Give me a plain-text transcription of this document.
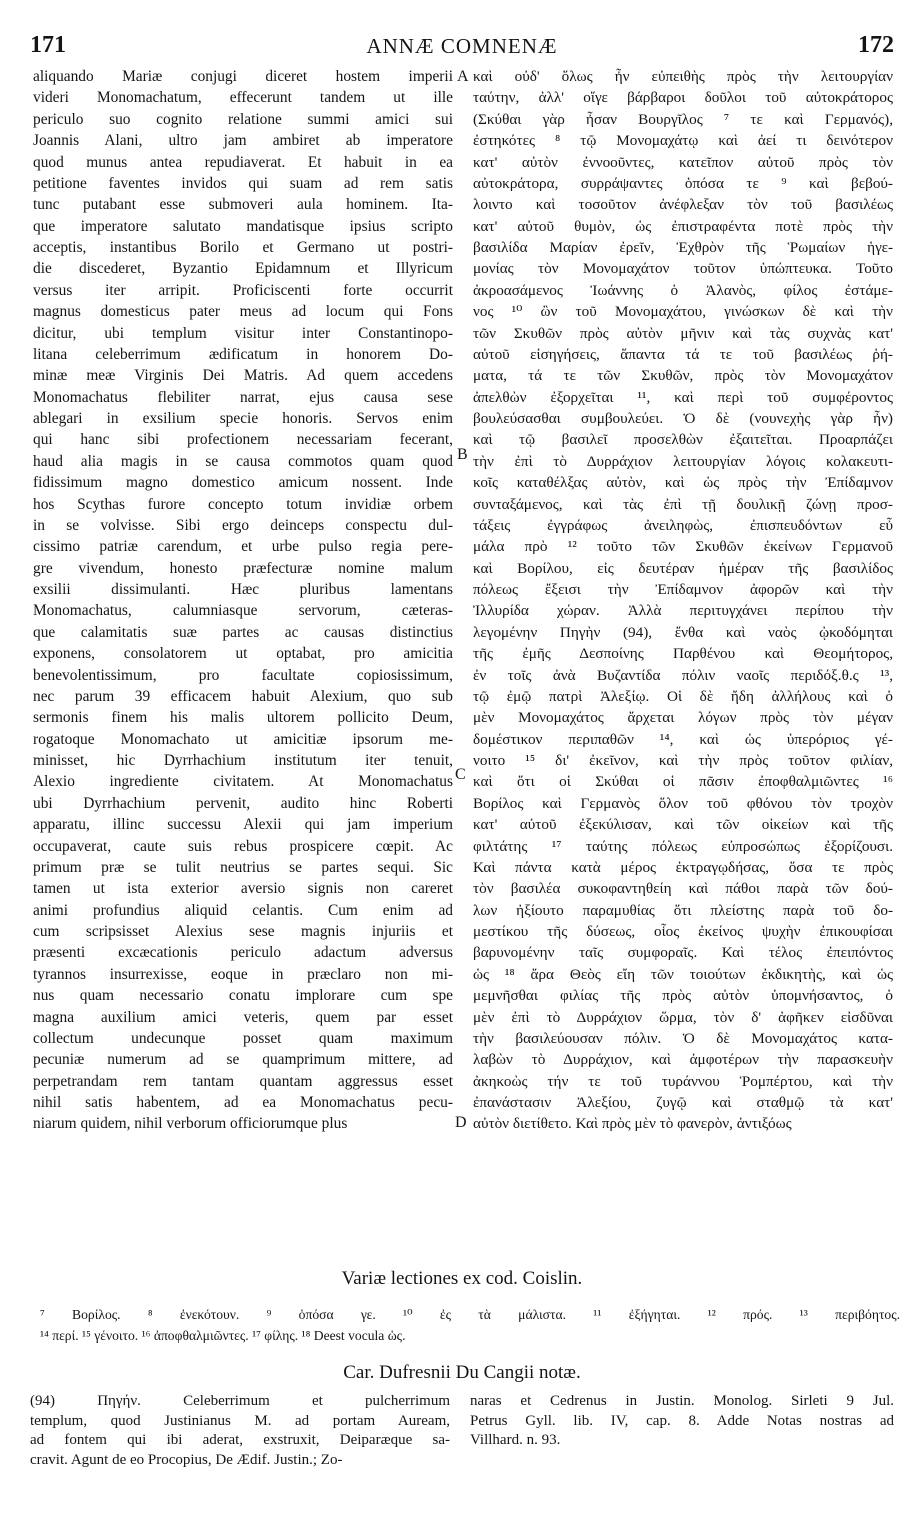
171	ANNÆ COMNENÆ	172
aliquando Mariæ conjugi diceret hostem imperii
videri Monomachatum, effecerunt tandem ut ille
periculo suo cognito relatione summi amici sui
Joannis Alani, ultro jam ambiret ab imperatore
quod munus antea repudiaverat. Et habuit in ea
petitione faventes invidos qui suam ad rem satis
tunc putabant esse submoveri aula hominem. Ita-
que imperatore salutato mandatisque ipsius scripto
acceptis, instantibus Borilo et Germano ut postri-
die discederet, Byzantio Epidamnum et Illyricum
versus iter arripit. Proficiscenti forte occurrit
magnus domesticus pater meus ad locum qui Fons
dicitur, ubi templum visitur inter Constantinopo-
litana celeberrimum ædificatum in honorem Do-
minæ meæ Virginis Dei Matris. Ad quem accedens
Monomachatus flebiliter narrat, ejus causa sese
ablegari in exsilium specie honoris. Servos enim
qui hanc sibi profectionem necessariam fecerant,
haud alia magis in se causa commotos quam quod
fidissimum magno domestico amicum nossent. Inde
hos Scythas furore concepto totum invidiæ orbem
in se volvisse. Sibi ergo deinceps conspectu dul-
cissimo patriæ carendum, et urbe pulso regia pere-
gre vivendum, honesto præfecturæ nomine malum
exsilii dissimulanti. Hæc pluribus lamentans
Monomachatus, calumniasque servorum, cæteras-
que calamitatis suæ partes ac causas distinctius
exponens, consolatorem ut optabat, pro amicitia
benevolentissimum, pro facultate copiosissimum,
nec parum 39 efficacem habuit Alexium, quo sub
sermonis finem his malis ultorem pollicito Deum,
rogatoque Monomachato ut amicitiæ ipsorum me-
minisset, hic Dyrrhachium institutum iter tenuit,
Alexio ingrediente civitatem. At Monomachatus
ubi Dyrrhachium pervenit, audito hinc Roberti
apparatu, illinc successu Alexii qui jam imperium
occupaverat, caute suis rebus prospicere cœpit. Ac
primum præ se tulit neutrius se partes sequi. Sic
tamen ut ista exterior aversio signis non careret
animi profundius aliquid celantis. Cum enim ad
cum scripsisset Alexius sese magnis injuriis et
præsenti excæcationis periculo adactum adversus
tyrannos insurrexisse, eoque in præclaro non mi-
nus quam necessario conatu implorare cum spe
magna auxilium amici veteris, quem par esset
collectum undecunque posset quam maximum
pecuniæ numerum ad se quamprimum mittere, ad
perpetrandam rem tantam quantam aggressus esset
nihil satis habentem, ad ea Monomachatus pecu-
niarum quidem, nihil verborum officiorumque plus
A
B
C
D
καὶ οὐδ' ὅλως ἦν εὐπειθὴς πρὸς τὴν λειτουργίαν
ταύτην, ἀλλ' οἵγε βάρβαροι δοῦλοι τοῦ αὐτοκράτορος
(Σκύθαι γὰρ ἦσαν Βουργῖλος ⁷ τε καὶ Γερμανός),
ἐστηκότες ⁸ τῷ Μονομαχάτῳ καὶ ἀεί τι δεινότερον
κατ' αὐτὸν ἐννοοῦντες, κατεῖπον αὐτοῦ πρὸς τὸν
αὐτοκράτορα, συρράψαντες ὁπόσα τε ⁹ καὶ βεβού-
λοιντο καὶ τοσοῦτον ἀνέφλεξαν τὸν τοῦ βασιλέως
κατ' αὐτοῦ θυμὸν, ὡς ἐπιστραφέντα ποτὲ πρὸς τὴν
βασιλίδα Μαρίαν ἐρεῖν, Ἐχθρὸν τῆς Ῥωμαίων ἡγε-
μονίας τὸν Μονομαχάτον τοῦτον ὑπώπτευκα. Τοῦτο
ἀκροασάμενος Ἰωάννης ὁ Ἀλανὸς, φίλος ἐστάμε-
νος ¹⁰ ὢν τοῦ Μονομαχάτου, γινώσκων δὲ καὶ τὴν
τῶν Σκυθῶν πρὸς αὐτὸν μῆνιν καὶ τὰς συχνὰς κατ'
αὐτοῦ εἰσηγήσεις, ἅπαντα τά τε τοῦ βασιλέως ῥή-
ματα, τά τε τῶν Σκυθῶν, πρὸς τὸν Μονομαχάτον
ἀπελθὼν ἐξορχεῖται ¹¹, καὶ περὶ τοῦ συμφέροντος
βουλεύσασθαι συμβουλεύει. Ὁ δὲ (νουνεχὴς γὰρ ἦν)
καὶ τῷ βασιλεῖ προσελθὼν ἐξαιτεῖται. Προαρπάζει
τὴν ἐπὶ τὸ Δυρράχιον λειτουργίαν λόγοις κολακευτι-
κοῖς καταθέλξας αὐτὸν, καὶ ὡς πρὸς τὴν Ἐπίδαμνον
συνταξάμενος, καὶ τὰς ἐπὶ τῇ δουλικῇ ζώνῃ προσ-
τάξεις ἐγγράφως ἀνειληφὼς, ἐπισπευδόντων εὖ
μάλα πρὸ ¹² τοῦτο τῶν Σκυθῶν ἐκείνων Γερμανοῦ
καὶ Βορίλου, εἰς δευτέραν ἡμέραν τῆς βασιλίδος
πόλεως ἔξεισι τὴν Ἐπίδαμνον ἀφορῶν καὶ τὴν
Ἰλλυρίδα χώραν. Ἀλλὰ περιτυγχάνει περίπου τὴν
λεγομένην Πηγὴν (94), ἔνθα καὶ ναὸς ᾠκοδόμηται
τῆς ἐμῆς Δεσποίνης Παρθένου καὶ Θεομήτορος,
ἐν τοῖς ἀνὰ Βυζαντίδα πόλιν ναοῖς περιδόξ.θ.ς ¹³,
τῷ ἐμῷ πατρὶ Ἀλεξίῳ. Οἱ δὲ ἤδη ἀλλήλους καὶ ὁ
μὲν Μονομαχάτος ἄρχεται λόγων πρὸς τὸν μέγαν
δομέστικον περιπαθῶν ¹⁴, καὶ ὡς ὑπερόριος γέ-
νοιτο ¹⁵ δι' ἐκεῖνον, καὶ τὴν πρὸς τοῦτον φιλίαν,
καὶ ὅτι οἱ Σκύθαι οἱ πᾶσιν ἐποφθαλμιῶντες ¹⁶
Βορίλος καὶ Γερμανὸς ὅλον τοῦ φθόνου τὸν τροχὸν
κατ' αὐτοῦ ἐξεκύλισαν, καὶ τῶν οἰκείων καὶ τῆς
φιλτάτης ¹⁷ ταύτης πόλεως εὐπροσώπως ἐξορίζουσι.
Καὶ πάντα κατὰ μέρος ἐκτραγῳδήσας, ὅσα τε πρὸς
τὸν βασιλέα συκοφαντηθείη καὶ πάθοι παρὰ τῶν δού-
λων ἠξίουτο παραμυθίας ὅτι πλείστης παρὰ τοῦ δο-
μεστίκου τῆς δύσεως, οἷος ἐκείνος ψυχὴν ἐπικουφίσαι
βαρυνομένην ταῖς συμφοραῖς. Καὶ τέλος ἐπειπόντος
ὡς ¹⁸ ἄρα Θεὸς εἴη τῶν τοιούτων ἐκδικητὴς, καὶ ὡς
μεμνῆσθαι φιλίας τῆς πρὸς αὐτὸν ὑπομνήσαντος, ὁ
μὲν ἐπὶ τὸ Δυρράχιον ὥρμα, τὸν δ' ἀφῆκεν εἰσδῦναι
τὴν βασιλεύουσαν πόλιν. Ὁ δὲ Μονομαχάτος κατα-
λαβὼν τὸ Δυρράχιον, καὶ ἀμφοτέρων τὴν παρασκευὴν
ἀκηκοὼς τήν τε τοῦ τυράννου Ῥομπέρτου, καὶ τὴν
ἐπανάστασιν Ἀλεξίου, ζυγῷ καὶ σταθμῷ τὰ κατ'
αὐτὸν διετίθετο. Καὶ πρὸς μὲν τὸ φανερὸν, ἀντιξόως
Variæ lectiones ex cod. Coislin.
⁷ Βορίλος. ⁸ ἐνεκότουν. ⁹ ὁπόσα γε. ¹⁰ ἐς τὰ μάλιστα. ¹¹ ἐξήγηται. ¹² πρός. ¹³ περιβόητος.
¹⁴ περί. ¹⁵ γένοιτο. ¹⁶ ἀποφθαλμιῶντες. ¹⁷ φίλης. ¹⁸ Deest vocula ὡς.
Car. Dufresnii Du Cangii notæ.
(94) Πηγήν. Celeberrimum et pulcherrimum
templum, quod Justinianus M. ad portam Auream,
ad fontem qui ibi aderat, exstruxit, Deiparæque sa-
cravit. Agunt de eo Procopius, De Ædif. Justin.; Zo-
naras et Cedrenus in Justin. Monolog. Sirleti 9 Jul.
Petrus Gyll. lib. IV, cap. 8. Adde Notas nostras ad
Villhard. n. 93.
